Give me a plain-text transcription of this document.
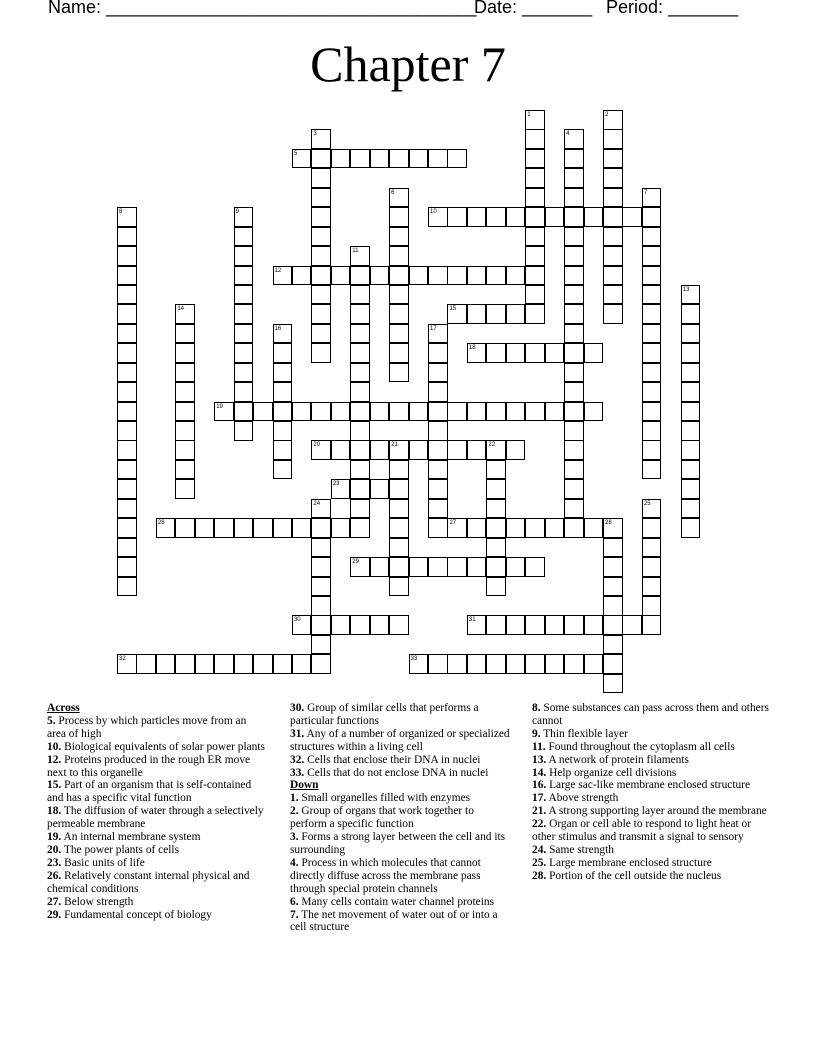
Name: _____________________________________
Date: _______ Period: _______
Chapter 7
1	2
3	4
5
6	7
8	9	10
11
12
13
14	15
16	17
18
19
20	21	22
23
24	25
26	27	28
29
30	31
32	33
Across
5. Process by which particles move from an area of high
10. Biological equivalents of solar power plants
12. Proteins produced in the rough ER move next to this organelle
15. Part of an organism that is self-contained and has a specific vital function
18. The diffusion of water through a selectively permeable membrane
19. An internal membrane system
20. The power plants of cells
23. Basic units of life
26. Relatively constant internal physical and chemical conditions
27. Below strength
29. Fundamental concept of biology
30. Group of similar cells that performs a particular functions
31. Any of a number of organized or specialized structures within a living cell
32. Cells that enclose their DNA in nuclei
33. Cells that do not enclose DNA in nuclei
Down
1. Small organelles filled with enzymes
2. Group of organs that work together to perform a specific function
3. Forms a strong layer between the cell and its surrounding
4. Process in which molecules that cannot directly diffuse across the membrane pass through special protein channels
6. Many cells contain water channel proteins
7. The net movement of water out of or into a cell structure
8. Some substances can pass across them and others cannot
9. Thin flexible layer
11. Found throughout the cytoplasm all cells
13. A network of protein filaments
14. Help organize cell divisions
16. Large sac-like membrane enclosed structure
17. Above strength
21. A strong supporting layer around the membrane
22. Organ or cell able to respond to light heat or other stimulus and transmit a signal to sensory
24. Same strength
25. Large membrane enclosed structure
28. Portion of the cell outside the nucleus
